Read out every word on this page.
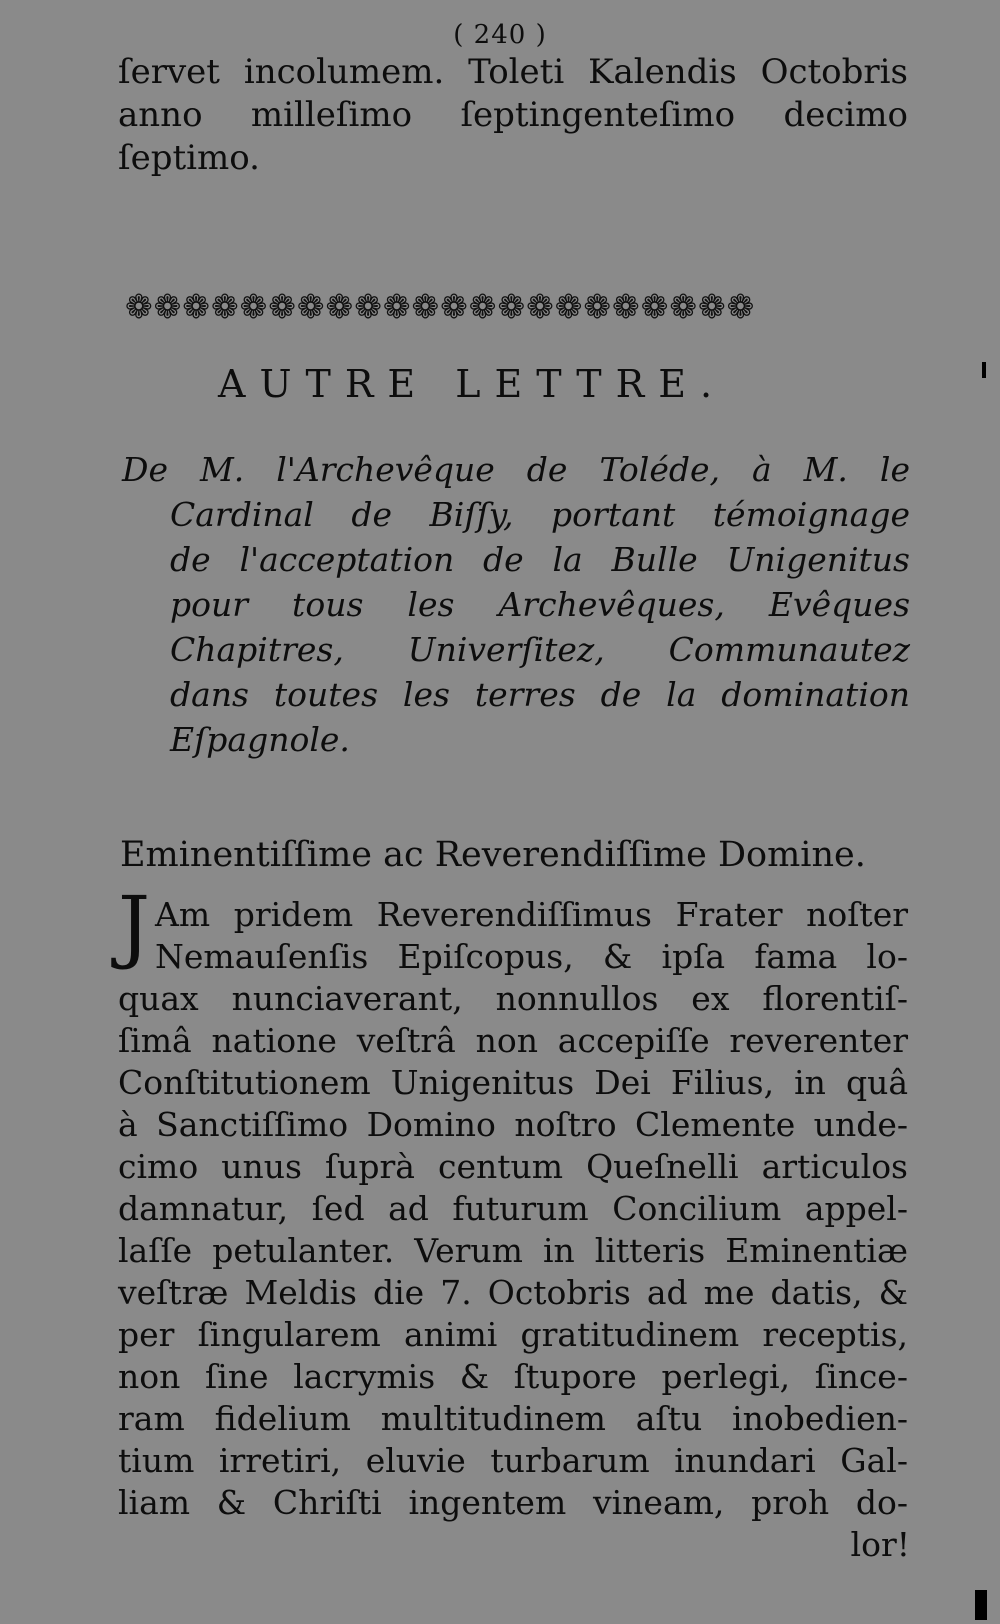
( 240 )
ſervet incolumem. Toleti Kalendis Octobris
anno milleſimo ſeptingenteſimo decimo
ſeptimo.
❁❁❁❁❁❁❁❁❁❁❁❁❁❁❁❁❁❁❁❁❁❁
AUTRE LETTRE.
De M. l'Archevêque de Toléde, à M. le
Cardinal de Biſſy, portant témoignage
de l'acceptation de la Bulle Unigenitus
pour tous les Archevêques, Evêques
Chapitres, Univerſitez, Communautez
dans toutes les terres de la domination
Eſpagnole.
Eminentiſſime ac Reverendiſſime Domine.
J Am pridem Reverendiſſimus Frater noſter
Nemauſenſis Epiſcopus, & ipſa fama lo-
quax nunciaverant, nonnullos ex florentiſ-
ſimâ natione veſtrâ non accepiſſe reverenter
Conſtitutionem Unigenitus Dei Filius, in quâ
à Sanctiſſimo Domino noſtro Clemente unde-
cimo unus ſuprà centum Queſnelli articulos
damnatur, ſed ad futurum Concilium appel-
laſſe petulanter. Verum in litteris Eminentiæ
veſtræ Meldis die 7. Octobris ad me datis, &
per ſingularem animi gratitudinem receptis,
non ſine lacrymis & ſtupore perlegi, ſince-
ram fidelium multitudinem aſtu inobedien-
tium irretiri, eluvie turbarum inundari Gal-
liam & Chriſti ingentem vineam, proh do-
lor!
